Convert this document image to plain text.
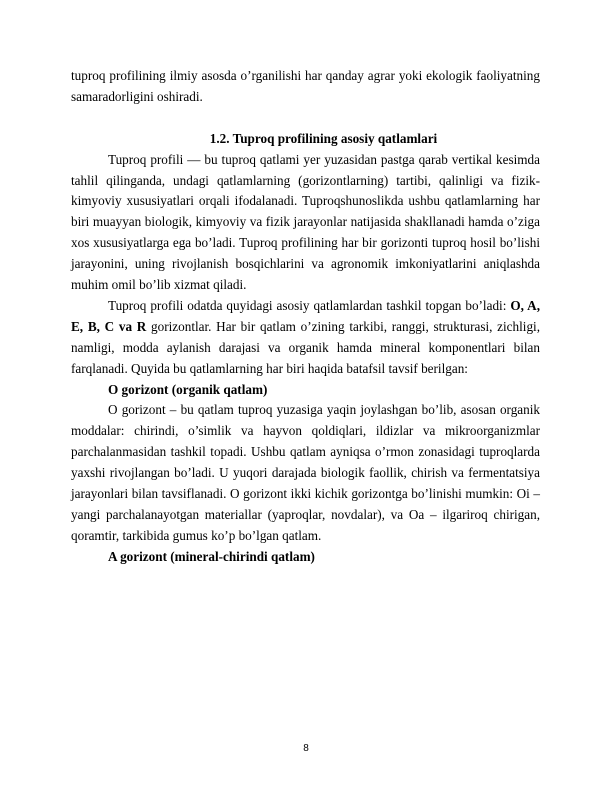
tuproq profilining ilmiy asosda o’rganilishi har qanday agrar yoki ekologik faoliyatning samaradorligini oshiradi.

1.2. Tuproq profilining asosiy qatlamlari

Tuproq profili — bu tuproq qatlami yer yuzasidan pastga qarab vertikal kesimda tahlil qilinganda, undagi qatlamlarning (gorizontlarning) tartibi, qalinligi va fizik-kimyoviy xususiyatlari orqali ifodalanadi. Tuproqshunoslikda ushbu qatlamlarning har biri muayyan biologik, kimyoviy va fizik jarayonlar natijasida shakllanadi hamda o’ziga xos xususiyatlarga ega bo’ladi. Tuproq profilining har bir gorizonti tuproq hosil bo’lishi jarayonini, uning rivojlanish bosqichlarini va agronomik imkoniyatlarini aniqlashda muhim omil bo’lib xizmat qiladi.

Tuproq profili odatda quyidagi asosiy qatlamlardan tashkil topgan bo’ladi: O, A, E, B, C va R gorizontlar. Har bir qatlam o’zining tarkibi, ranggi, strukturasi, zichligi, namligi, modda aylanish darajasi va organik hamda mineral komponentlari bilan farqlanadi. Quyida bu qatlamlarning har biri haqida batafsil tavsif berilgan:

O gorizont (organik qatlam)

O gorizont – bu qatlam tuproq yuzasiga yaqin joylashgan bo’lib, asosan organik moddalar: chirindi, o’simlik va hayvon qoldiqlari, ildizlar va mikroorganizmlar parchalanmasidan tashkil topadi. Ushbu qatlam ayniqsa o’rmon zonasidagi tuproqlarda yaxshi rivojlangan bo’ladi. U yuqori darajada biologik faollik, chirish va fermentatsiya jarayonlari bilan tavsiflanadi. O gorizont ikki kichik gorizontga bo’linishi mumkin: Oi – yangi parchalanayotgan materiallar (yaproqlar, novdalar), va Oa – ilgariroq chirigan, qoramtir, tarkibida gumus ko’p bo’lgan qatlam.

A gorizont (mineral-chirindi qatlam)

8
